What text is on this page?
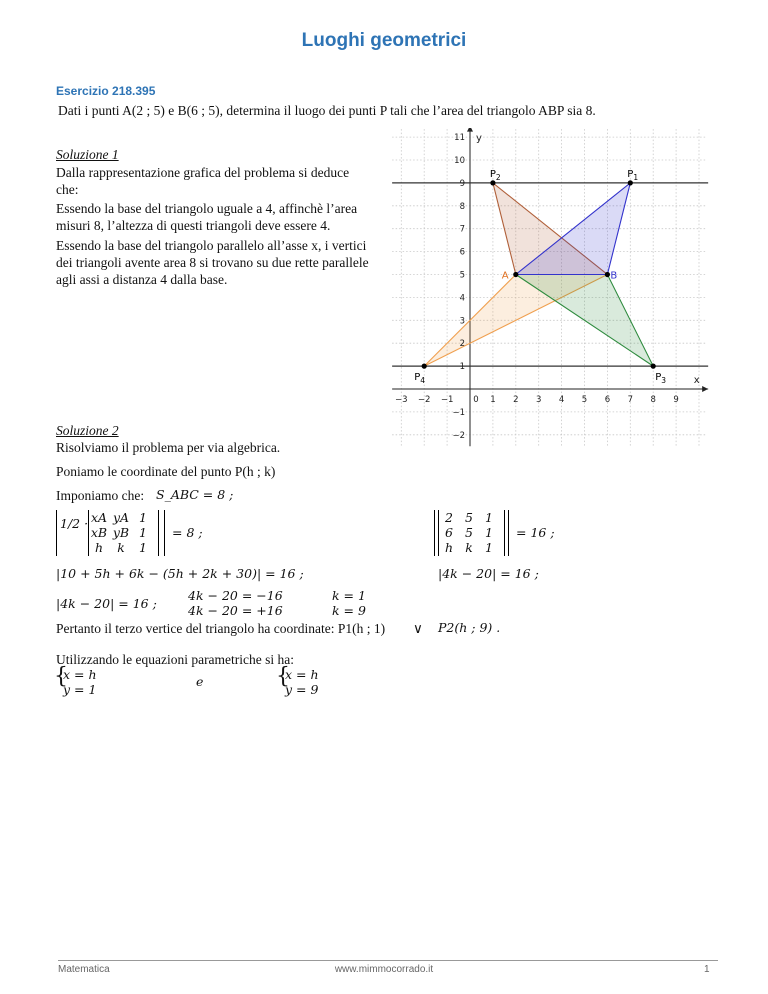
Luoghi geometrici
Esercizio 218.395
Dati i punti A(2 ; 5) e B(6 ; 5), determina il luogo dei punti P tali che l’area del triangolo ABP sia 8.
Soluzione 1
Dalla rappresentazione grafica del problema si deduce che:
Essendo la base del triangolo uguale a 4, affinchè l’area misuri 8, l’altezza di questi triangoli deve essere 4.
Essendo la base del triangolo parallelo all’asse x, i vertici dei triangoli avente area 8 si trovano su due rette parallele agli assi a distanza 4 dalla base.
−3 −2 −1 0 1 2 3 4 5 6 7 8 9
11
10
9
8
7
6
5
4
3
2
1
−1
−2
x
y
A	B
$P_1$
$P_2$
$P_3$
$P_4$
Soluzione 2
Risolviamo il problema per via algebrica.
Poniamo le coordinate del punto P(h ; k)
Imponiamo che: S_ABC = 8 ;
1/2 · xA yA 1
xB yB 1
h	k	1
= 8 ;
2 5 1
6 5 1
h k 1
= 16 ;
|10 + 5h + 6k − (5h + 2k + 30)| = 16 ;	|4k − 20| = 16 ;
|4k − 20| = 16 ;
4k − 20 = −16
4k − 20 = +16
k = 1
k = 9
Pertanto il terzo vertice del triangolo ha coordinate: P1(h ; 1) ∨ P2(h ; 9) .
Utilizzando le equazioni parametriche si ha:
{
x = h
y = 1
e	{
x = h
y = 9
Matematica	www.mimmocorrado.it	1
